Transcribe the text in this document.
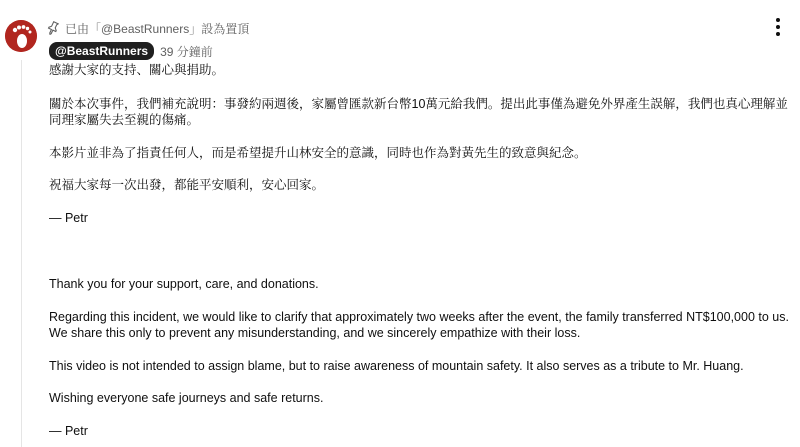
已由「@BeastRunners」設為置頂
@BeastRunners	39 分鐘前

感謝大家的支持、關心與捐助。

關於本次事件，我們補充說明：事發約兩週後，家屬曾匯款新台幣10萬元給我們。提出此事僅為避免外界產生誤解，我們也真心理解並同理家屬失去至親的傷痛。

本影片並非為了指責任何人，而是希望提升山林安全的意識，同時也作為對黃先生的致意與紀念。

祝福大家每一次出發，都能平安順利，安心回家。

— Petr

Thank you for your support, care, and donations.

Regarding this incident, we would like to clarify that approximately two weeks after the event, the family transferred NT$100,000 to us. We share this only to prevent any misunderstanding, and we sincerely empathize with their loss.

This video is not intended to assign blame, but to raise awareness of mountain safety. It also serves as a tribute to Mr. Huang.

Wishing everyone safe journeys and safe returns.

— Petr
